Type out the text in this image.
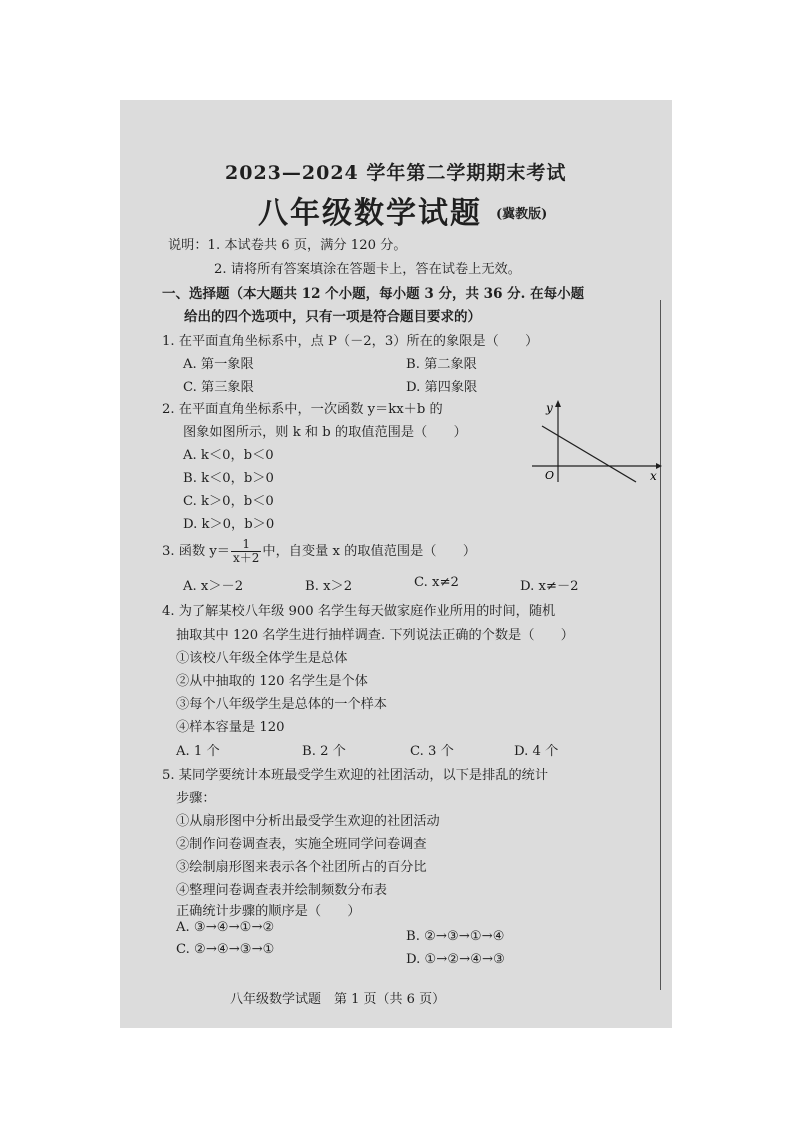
2023—2024 学年第二学期期末考试
八年级数学试题 (冀教版)
说明：1. 本试卷共 6 页，满分 120 分。
2. 请将所有答案填涂在答题卡上，答在试卷上无效。
一、选择题（本大题共 12 个小题，每小题 3 分，共 36 分. 在每小题
给出的四个选项中，只有一项是符合题目要求的）
1. 在平面直角坐标系中，点 P（－2，3）所在的象限是（　　）
A. 第一象限	B. 第二象限
C. 第三象限	D. 第四象限
2. 在平面直角坐标系中，一次函数 y＝kx＋b 的
图象如图所示，则 k 和 b 的取值范围是（　　）
A. k＜0，b＜0
B. k＜0，b＞0
C. k＞0，b＜0
D. k＞0，b＞0
x
y
O
3. 函数 $y= \frac{1}{x+2}$ 中，自变量 x 的取值范围是（　　）
A. x＞－2	B. x＞2	C. x≠2	D. x≠－2
4. 为了解某校八年级 900 名学生每天做家庭作业所用的时间，随机
抽取其中 120 名学生进行抽样调查. 下列说法正确的个数是（　　）
①该校八年级全体学生是总体
②从中抽取的 120 名学生是个体
③每个八年级学生是总体的一个样本
④样本容量是 120
A. 1 个	B. 2 个	C. 3 个	D. 4 个
5. 某同学要统计本班最受学生欢迎的社团活动，以下是排乱的统计
步骤：
①从扇形图中分析出最受学生欢迎的社团活动
②制作问卷调查表，实施全班同学问卷调查
③绘制扇形图来表示各个社团所占的百分比
④整理问卷调查表并绘制频数分布表
正确统计步骤的顺序是（　　）
A. ③→④→①→②
B. ②→③→①→④
C. ②→④→③→①
D. ①→②→④→③
八年级数学试题　第 1 页（共 6 页）
